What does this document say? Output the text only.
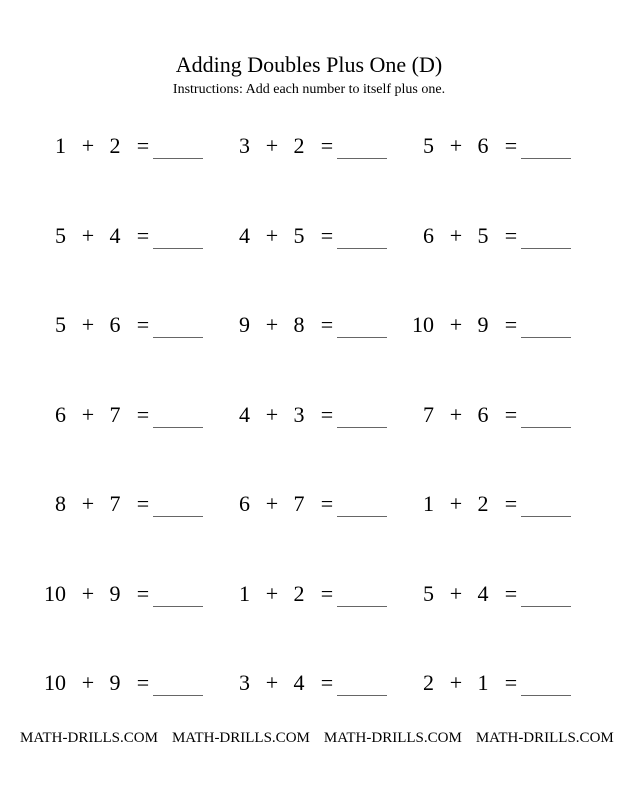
Adding Doubles Plus One (D)
Instructions: Add each number to itself plus one.
1 + 2 =	3 + 2 =	5 + 6 =
5 + 4 =	4 + 5 =	6 + 5 =
5 + 6 =	9 + 8 =	10 + 9 =
6 + 7 =	4 + 3 =	7 + 6 =
8 + 7 =	6 + 7 =	1 + 2 =
10 + 9 =	1 + 2 =	5 + 4 =
10 + 9 =	3 + 4 =	2 + 1 =
MATH-DRILLS.COM MATH-DRILLS.COM MATH-DRILLS.COM MATH-DRILLS.COM
